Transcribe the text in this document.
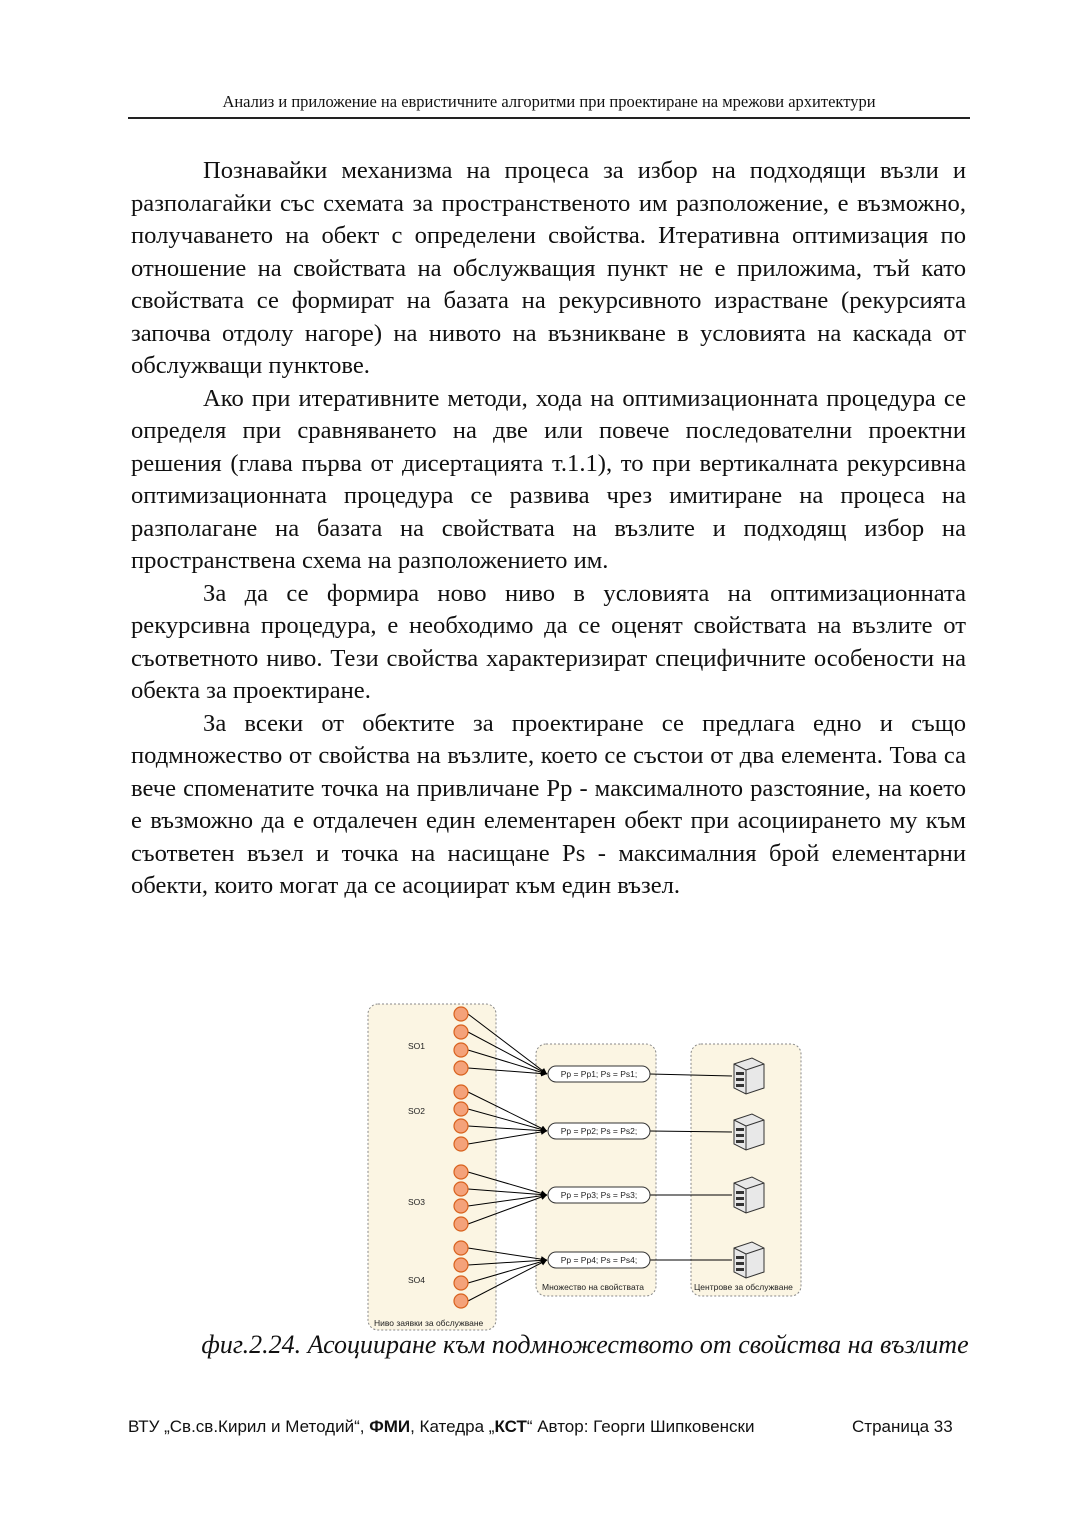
Анализ и приложение на евристичните алгоритми при проектиране на мрежови архитектури

Познавайки механизма на процеса за избор на подходящи възли и разполагайки със схемата за пространственото им разположение, е възможно, получаването на обект с определени свойства. Итеративна оптимизация по отношение на свойствата на обслужващия пункт не е приложима, тъй като свойствата се формират на базата на рекурсивното израстване (рекурсията започва отдолу нагоре) на нивото на възникване в условията на каскада от обслужващи пунктове.

Ако при итеративните методи, хода на оптимизационната процедура се определя при сравняването на две или повече последователни проектни решения (глава първа от дисертацията т.1.1), то при вертикалната рекурсивна оптимизационната процедура се развива чрез имитиране на процеса на разполагане на базата на свойствата на възлите и подходящ избор на пространствена схема на разположението им.

За да се формира ново ниво в условията на оптимизационната рекурсивна процедура, е необходимо да се оценят свойствата на възлите от съответното ниво. Тези свойства характеризират специфичните особености на обекта за проектиране.

За всеки от обектите за проектиране се предлага едно и също подмножество от свойства на възлите, което се състои от два елемента. Това са вече споменатите точка на привличане Pp - максималното разстояние, на което е възможно да е отдалечен един елементарен обект при асоциирането му към съответен възел и точка на насищане Ps - максималния брой елементарни обекти, които могат да се асоциират към един възел.

SO1
SO2
SO3
SO4
Pp = Pp1; Ps = Ps1;
Pp = Pp2; Ps = Ps2;
Pp = Pp3; Ps = Ps3;
Pp = Pp4; Ps = Ps4;
Ниво заявки за обслужване
Множество на свойствата	Центрове за обслужване
фиг.2.24. Асоцииране към подмножеството от свойства на възлите
ВТУ „Св.св.Кирил и Методий“, ФМИ, Катедра „КСТ“ Автор: Георги Шипковенски	Страница 33
